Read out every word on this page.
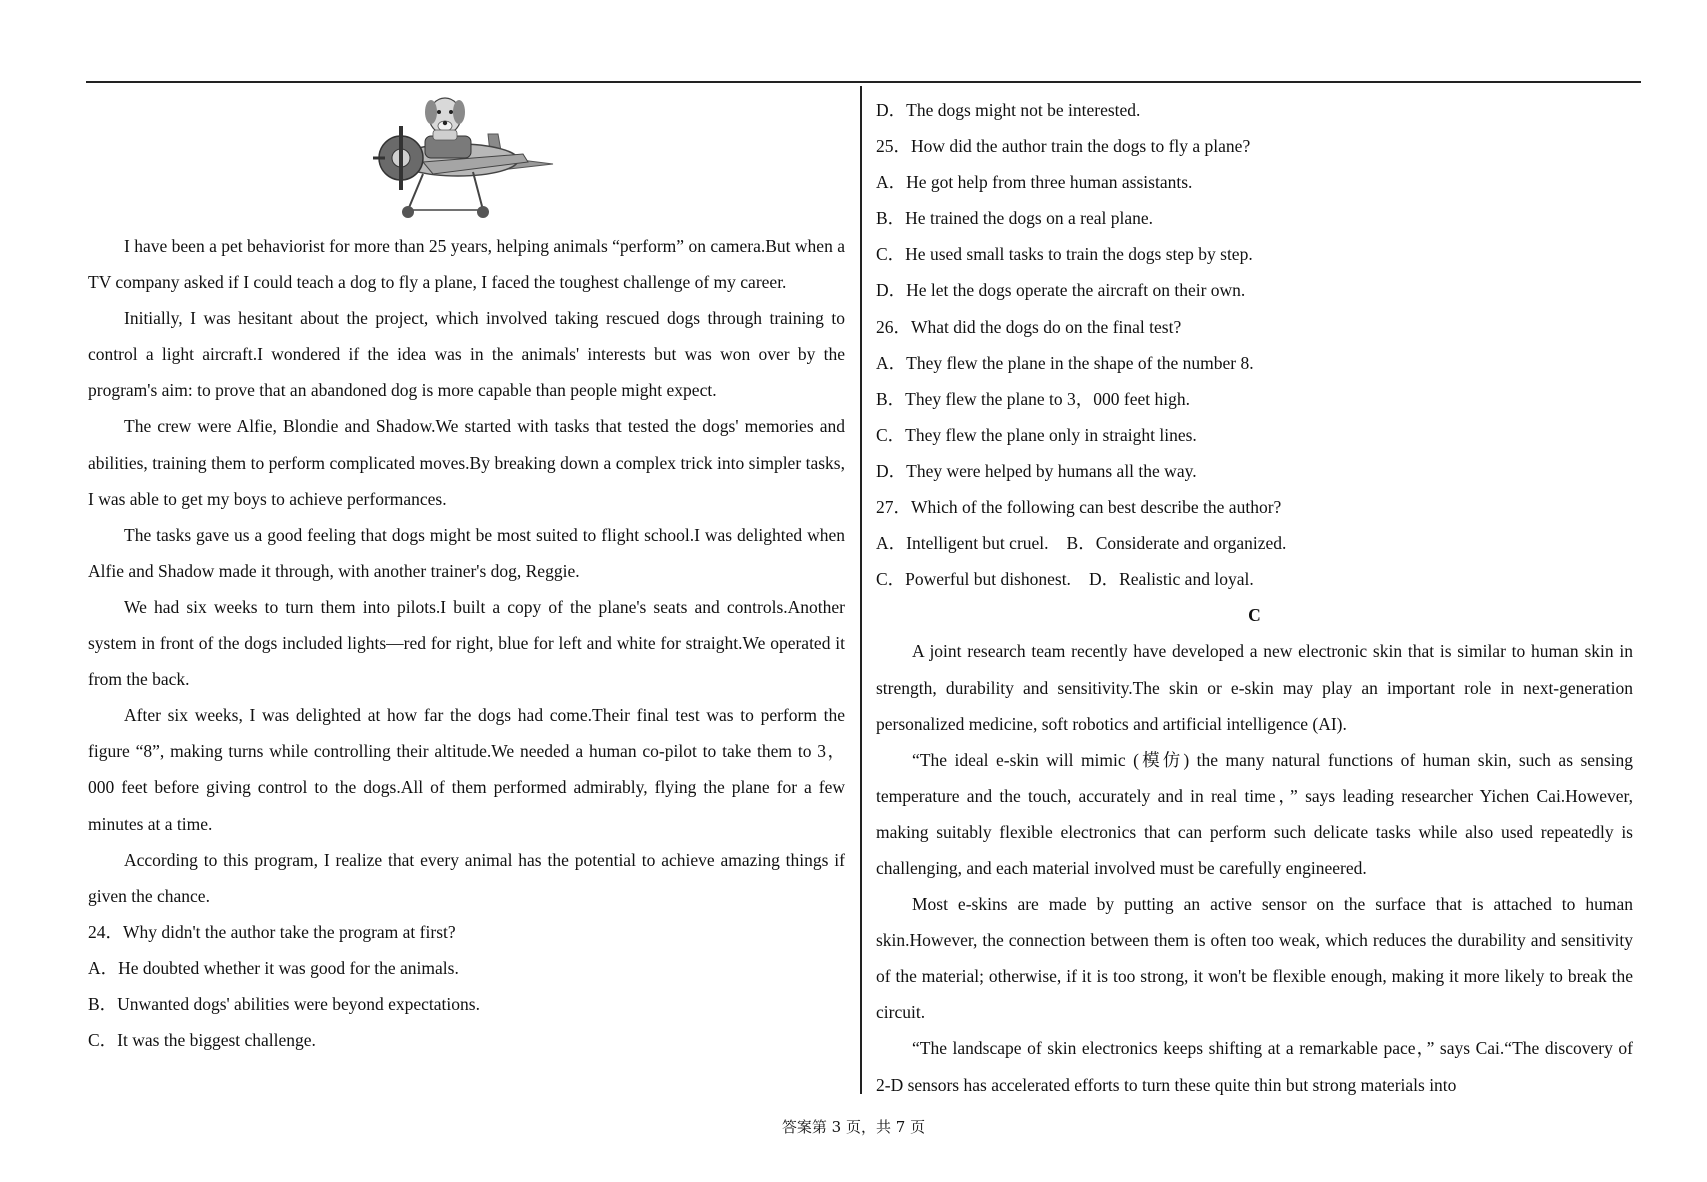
I have been a pet behaviorist for more than 25 years, helping animals “perform” on camera.But when a TV company asked if I could teach a dog to fly a plane, I faced the toughest challenge of my career.

Initially, I was hesitant about the project, which involved taking rescued dogs through training to control a light aircraft.I wondered if the idea was in the animals' interests but was won over by the program's aim: to prove that an abandoned dog is more capable than people might expect.

The crew were Alfie, Blondie and Shadow.We started with tasks that tested the dogs' memories and abilities, training them to perform complicated moves.By breaking down a complex trick into simpler tasks, I was able to get my boys to achieve performances.

The tasks gave us a good feeling that dogs might be most suited to flight school.I was delighted when Alfie and Shadow made it through, with another trainer's dog, Reggie.

We had six weeks to turn them into pilots.I built a copy of the plane's seats and controls.Another system in front of the dogs included lights—red for right, blue for left and white for straight.We operated it from the back.

After six weeks, I was delighted at how far the dogs had come.Their final test was to perform the figure “8”, making turns while controlling their altitude.We needed a human co-pilot to take them to 3，000 feet before giving control to the dogs.All of them performed admirably, flying the plane for a few minutes at a time.

According to this program, I realize that every animal has the potential to achieve amazing things if given the chance.

24．Why didn't the author take the program at first?

A．He doubted whether it was good for the animals.

B．Unwanted dogs' abilities were beyond expectations.

C．It was the biggest challenge.

D．The dogs might not be interested.

25．How did the author train the dogs to fly a plane?

A．He got help from three human assistants.

B．He trained the dogs on a real plane.

C．He used small tasks to train the dogs step by step.

D．He let the dogs operate the aircraft on their own.

26．What did the dogs do on the final test?

A．They flew the plane in the shape of the number 8.

B．They flew the plane to 3，000 feet high.

C．They flew the plane only in straight lines.

D．They were helped by humans all the way.

27．Which of the following can best describe the author?

A．Intelligent but cruel. B．Considerate and organized.

C．Powerful but dishonest. D．Realistic and loyal.

C

A joint research team recently have developed a new electronic skin that is similar to human skin in strength, durability and sensitivity.The skin or e-skin may play an important role in next-generation personalized medicine, soft robotics and artificial intelligence (AI).

“The ideal e-skin will mimic (模仿) the many natural functions of human skin, such as sensing temperature and the touch, accurately and in real time，” says leading researcher Yichen Cai.However, making suitably flexible electronics that can perform such delicate tasks while also used repeatedly is challenging, and each material involved must be carefully engineered.

Most e-skins are made by putting an active sensor on the surface that is attached to human skin.However, the connection between them is often too weak, which reduces the durability and sensitivity of the material; otherwise, if it is too strong, it won't be flexible enough, making it more likely to break the circuit.

“The landscape of skin electronics keeps shifting at a remarkable pace，” says Cai.“The discovery of 2-D sensors has accelerated efforts to turn these quite thin but strong materials into

答案第 3 页，共 7 页
